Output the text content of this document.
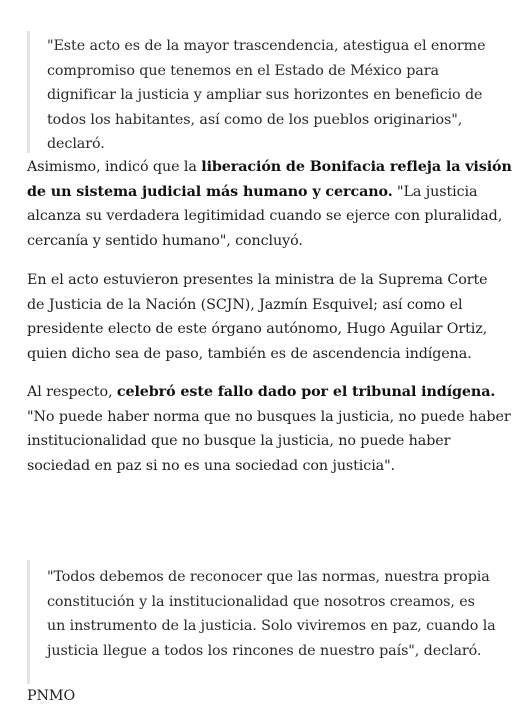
"Este acto es de la mayor trascendencia, atestigua el enorme compromiso que tenemos en el Estado de México para dignificar la justicia y ampliar sus horizontes en beneficio de todos los habitantes, así como de los pueblos originarios", declaró.

Asimismo, indicó que la liberación de Bonifacia refleja la visión de un sistema judicial más humano y cercano. "La justicia alcanza su verdadera legitimidad cuando se ejerce con pluralidad, cercanía y sentido humano", concluyó.

En el acto estuvieron presentes la ministra de la Suprema Corte de Justicia de la Nación (SCJN), Jazmín Esquivel; así como el presidente electo de este órgano autónomo, Hugo Aguilar Ortiz, quien dicho sea de paso, también es de ascendencia indígena.

Al respecto, celebró este fallo dado por el tribunal indígena. "No puede haber norma que no busques la justicia, no puede haber institucionalidad que no busque la justicia, no puede haber sociedad en paz si no es una sociedad con justicia".

"Todos debemos de reconocer que las normas, nuestra propia constitución y la institucionalidad que nosotros creamos, es un instrumento de la justicia. Solo viviremos en paz, cuando la justicia llegue a todos los rincones de nuestro país", declaró.

PNMO
